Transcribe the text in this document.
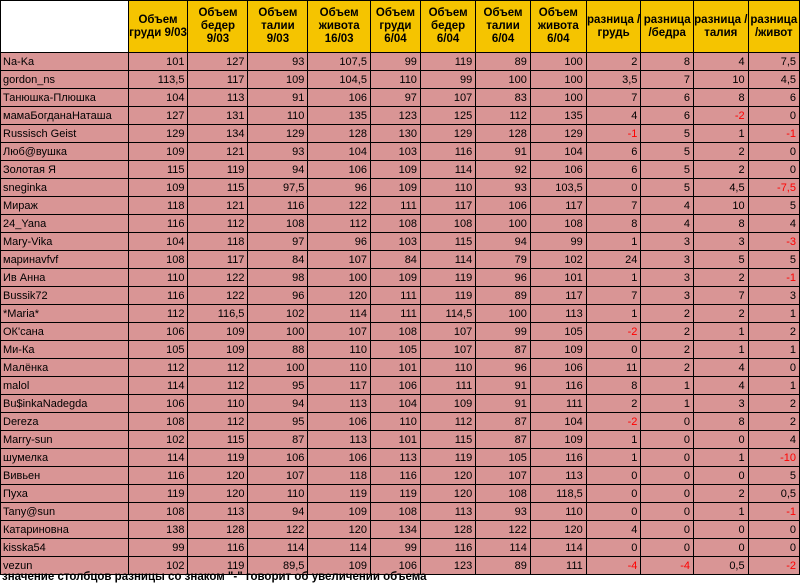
	Объем груди 9/03	Объем бедер 9/03	Объем талии 9/03	Объем живота 16/03	Объем груди 6/04	Объем бедер 6/04	Объем талии 6/04	Объем живота 6/04	разница /грудь	разница /бедра	разница /талия	разница /живот
Na-Ka	101	127	93	107,5	99	119	89	100	2	8	4	7,5
gordon_ns	113,5	117	109	104,5	110	99	100	100	3,5	7	10	4,5
Танюшка-Плюшка	104	113	91	106	97	107	83	100	7	6	8	6
мамаБогданаНаташа	127	131	110	135	123	125	112	135	4	6	-2	0
Russisch Geist	129	134	129	128	130	129	128	129	-1	5	1	-1
Люб@вушка	109	121	93	104	103	116	91	104	6	5	2	0
Золотая Я	115	119	94	106	109	114	92	106	6	5	2	0
sneginka	109	115	97,5	96	109	110	93	103,5	0	5	4,5	-7,5
Мираж	118	121	116	122	111	117	106	117	7	4	10	5
24_Yana	116	112	108	112	108	108	100	108	8	4	8	4
Mary-Vika	104	118	97	96	103	115	94	99	1	3	3	-3
маринаvfvf	108	117	84	107	84	114	79	102	24	3	5	5
Ив Анна	110	122	98	100	109	119	96	101	1	3	2	-1
Bussik72	116	122	96	120	111	119	89	117	7	3	7	3
*Maria*	112	116,5	102	114	111	114,5	100	113	1	2	2	1
ОК'сана	106	109	100	107	108	107	99	105	-2	2	1	2
Ми-Ка	105	109	88	110	105	107	87	109	0	2	1	1
Малёнка	112	112	100	110	101	110	96	106	11	2	4	0
malol	114	112	95	117	106	111	91	116	8	1	4	1
Bu$inkaNadegda	106	110	94	113	104	109	91	111	2	1	3	2
Dereza	108	112	95	106	110	112	87	104	-2	0	8	2
Marry-sun	102	115	87	113	101	115	87	109	1	0	0	4
шумелка	114	119	106	106	113	119	105	116	1	0	1	-10
Вивьен	116	120	107	118	116	120	107	113	0	0	0	5
Пуха	119	120	110	119	119	120	108	118,5	0	0	2	0,5
Tany@sun	108	113	94	109	108	113	93	110	0	0	1	-1
Катариновна	138	128	122	120	134	128	122	120	4	0	0	0
kisska54	99	116	114	114	99	116	114	114	0	0	0	0
vezun	102	119	89,5	109	106	123	89	111	-4	-4	0,5	-2
значение столбцов разницы со знаком "-" говорит об увеличении объема
